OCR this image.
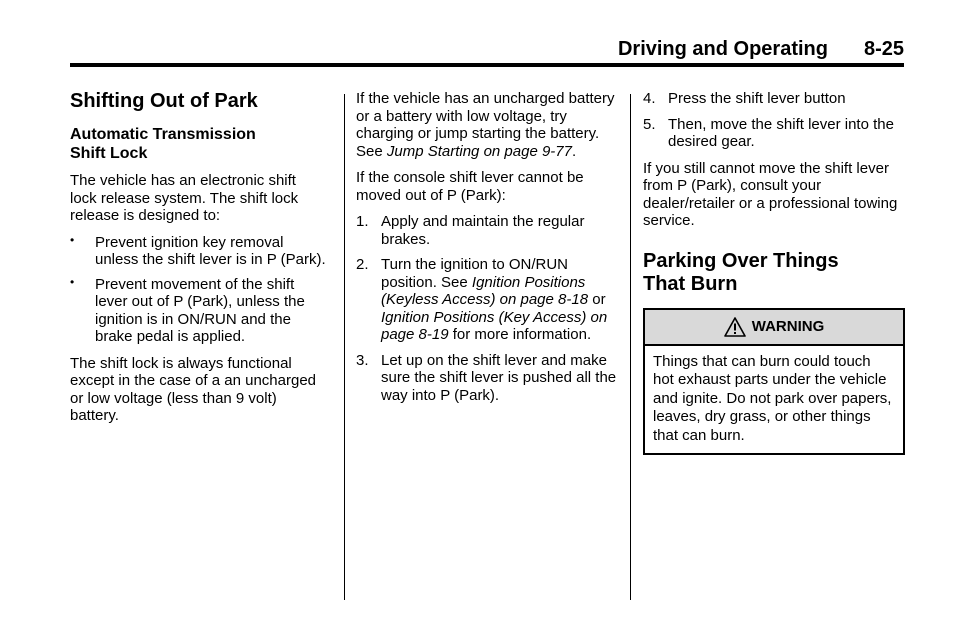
Driving and Operating 8-25
Shifting Out of Park
Automatic Transmission Shift Lock

The vehicle has an electronic shift lock release system. The shift lock release is designed to:

• Prevent ignition key removal unless the shift lever is in P (Park).
• Prevent movement of the shift lever out of P (Park), unless the ignition is in ON/RUN and the brake pedal is applied.

The shift lock is always functional except in the case of a an uncharged or low voltage (less than 9 volt) battery.

If the vehicle has an uncharged battery or a battery with low voltage, try charging or jump starting the battery. See Jump Starting on page 9-77.

If the console shift lever cannot be moved out of P (Park):

1. Apply and maintain the regular brakes.
2. Turn the ignition to ON/RUN position. See Ignition Positions (Keyless Access) on page 8-18 or Ignition Positions (Key Access) on page 8-19 for more information.
3. Let up on the shift lever and make sure the shift lever is pushed all the way into P (Park).
4. Press the shift lever button
5. Then, move the shift lever into the desired gear.

If you still cannot move the shift lever from P (Park), consult your dealer/retailer or a professional towing service.

Parking Over Things That Burn
WARNING
Things that can burn could touch hot exhaust parts under the vehicle and ignite. Do not park over papers, leaves, dry grass, or other things that can burn.
